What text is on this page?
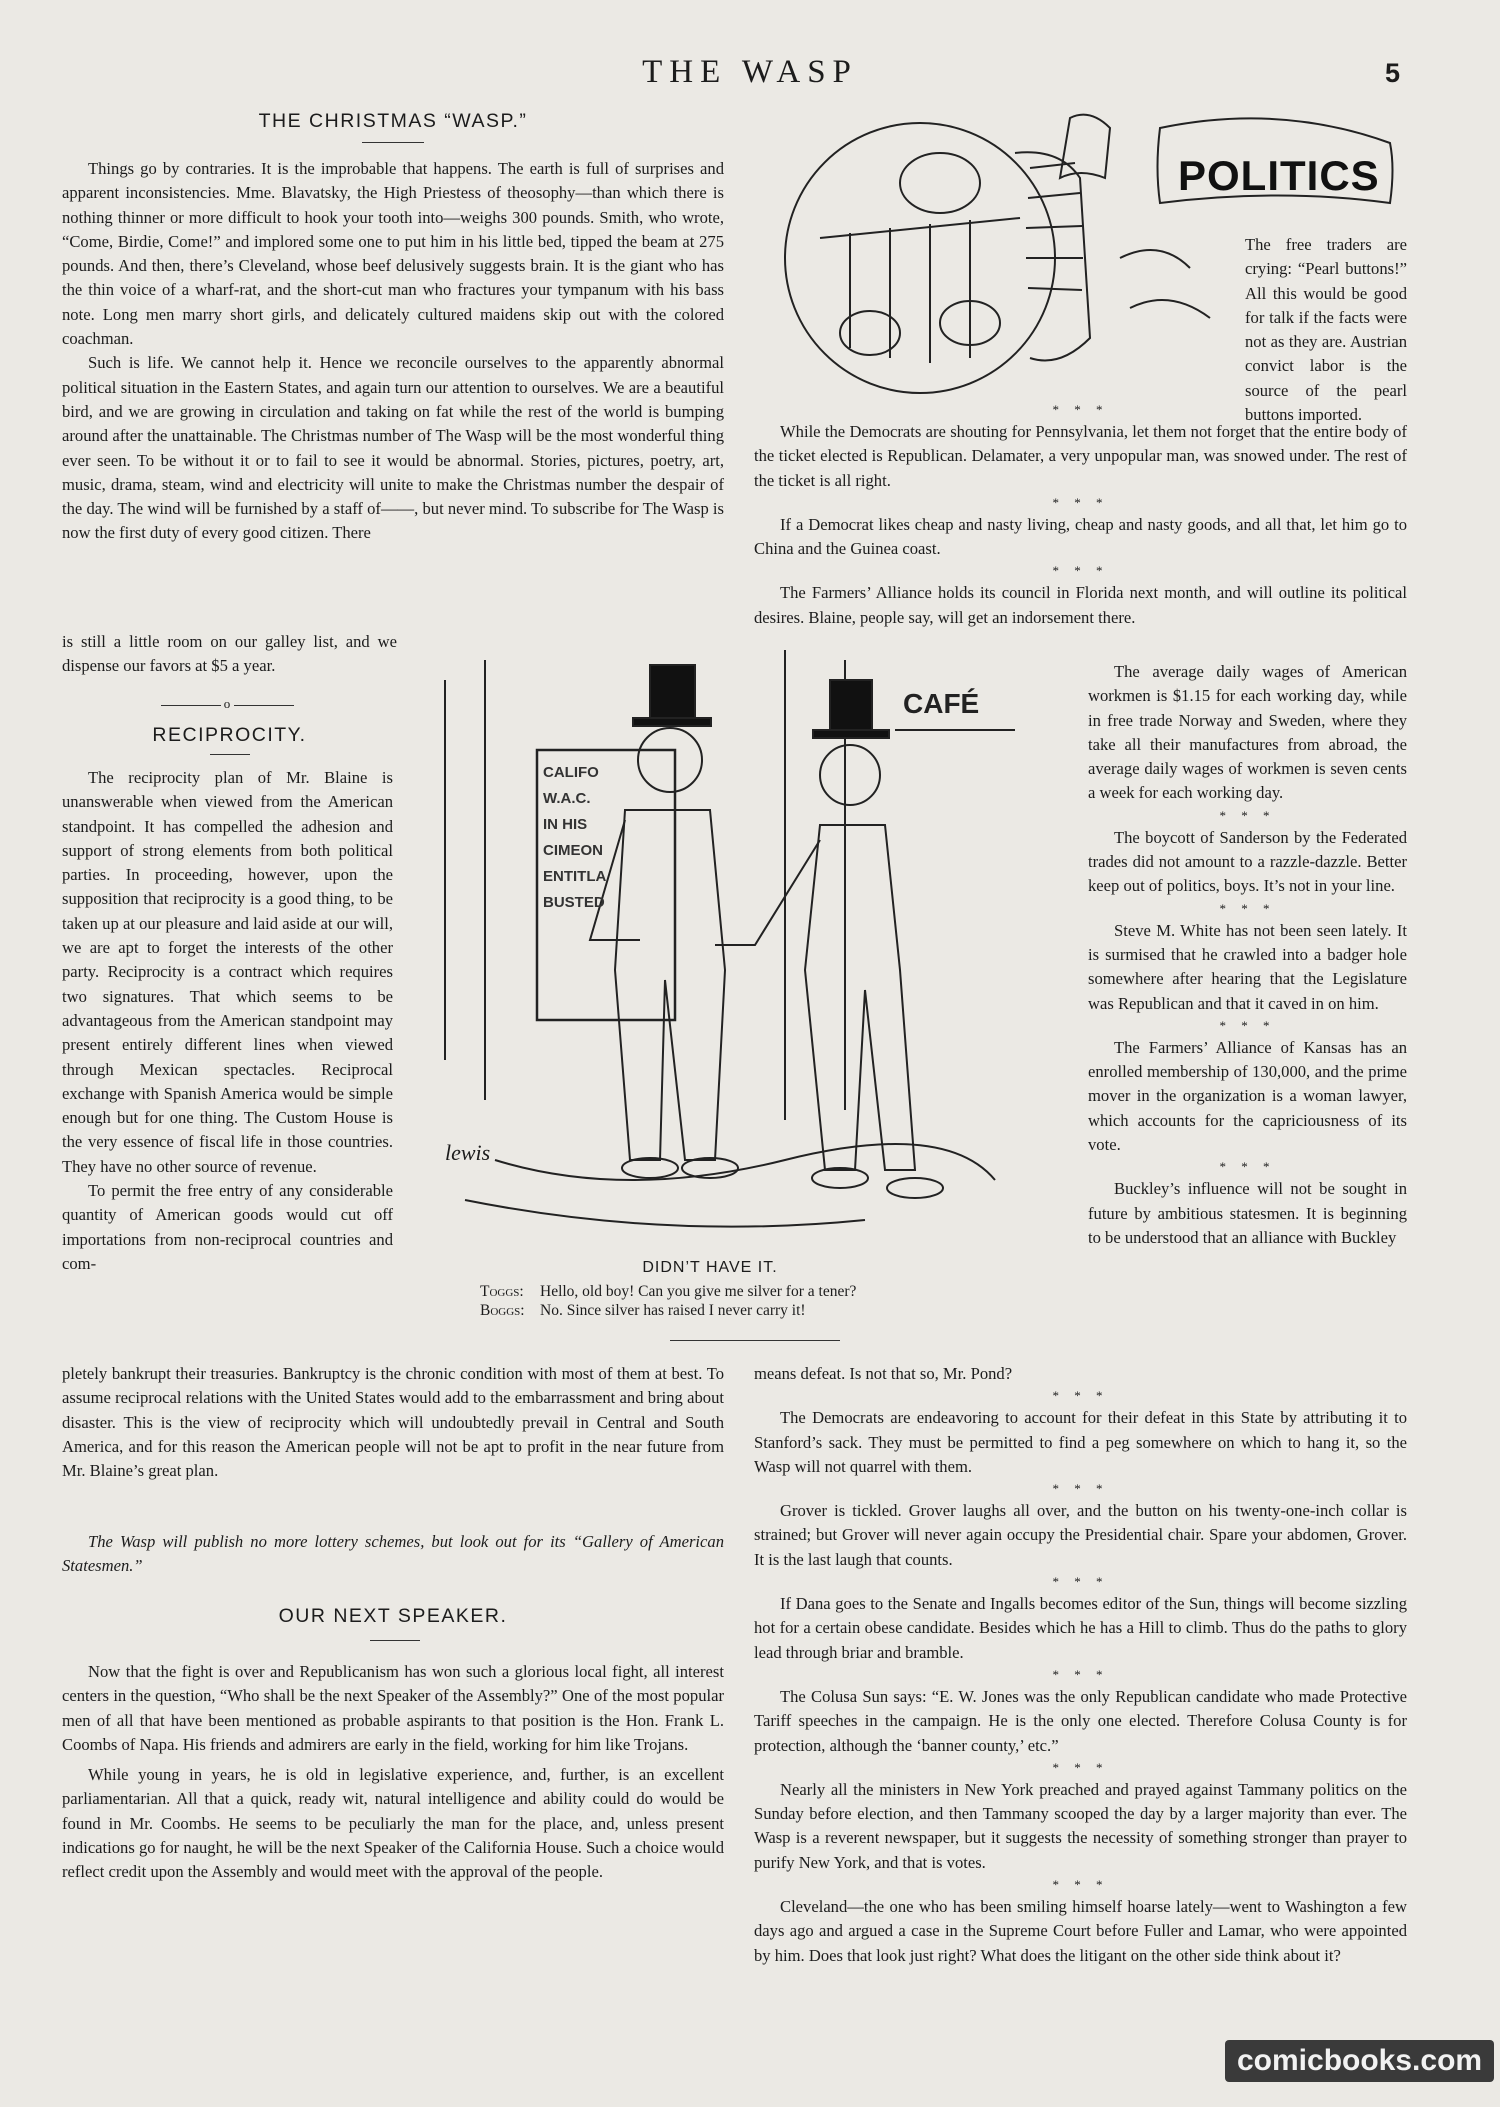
THE WASP	5
THE CHRISTMAS “WASP.”

Things go by contraries. It is the improbable that happens. The earth is full of surprises and apparent inconsistencies. Mme. Blavatsky, the High Priestess of theosophy—than which there is nothing thinner or more difficult to hook your tooth into—weighs 300 pounds. Smith, who wrote, “Come, Birdie, Come!” and implored some one to put him in his little bed, tipped the beam at 275 pounds. And then, there’s Cleveland, whose beef delusively suggests brain. It is the giant who has the thin voice of a wharf-rat, and the short-cut man who fractures your tympanum with his bass note. Long men marry short girls, and delicately cultured maidens skip out with the colored coachman.

Such is life. We cannot help it. Hence we reconcile ourselves to the apparently abnormal political situation in the Eastern States, and again turn our attention to ourselves. We are a beautiful bird, and we are growing in circulation and taking on fat while the rest of the world is bumping around after the unattainable. The Christmas number of The Wasp will be the most wonderful thing ever seen. To be without it or to fail to see it would be abnormal. Stories, pictures, poetry, art, music, drama, steam, wind and electricity will unite to make the Christmas number the despair of the day. The wind will be furnished by a staff of——, but never mind. To subscribe for The Wasp is now the first duty of every good citizen. There

is still a little room on our galley list, and we dispense our favors at $5 a year.

o
RECIPROCITY.

The reciprocity plan of Mr. Blaine is unanswerable when viewed from the American standpoint. It has compelled the adhesion and support of strong elements from both political parties. In proceeding, however, upon the supposition that reciprocity is a good thing, to be taken up at our pleasure and laid aside at our will, we are apt to forget the interests of the other party. Reciprocity is a contract which requires two signatures. That which seems to be advantageous from the American standpoint may present entirely different lines when viewed through Mexican spectacles. Reciprocal exchange with Spanish America would be simple enough but for one thing. The Custom House is the very essence of fiscal life in those countries. They have no other source of revenue.

To permit the free entry of any considerable quantity of American goods would cut off importations from non-reciprocal countries and com-

pletely bankrupt their treasuries. Bankruptcy is the chronic condition with most of them at best. To assume reciprocal relations with the United States would add to the embarrassment and bring about disaster. This is the view of reciprocity which will undoubtedly prevail in Central and South America, and for this reason the American people will not be apt to profit in the near future from Mr. Blaine’s great plan.

The Wasp will publish no more lottery schemes, but look out for its “Gallery of American Statesmen.”

OUR NEXT SPEAKER.

Now that the fight is over and Republicanism has won such a glorious local fight, all interest centers in the question, “Who shall be the next Speaker of the Assembly?” One of the most popular men of all that have been mentioned as probable aspirants to that position is the Hon. Frank L. Coombs of Napa. His friends and admirers are early in the field, working for him like Trojans.

While young in years, he is old in legislative experience, and, further, is an excellent parliamentarian. All that a quick, ready wit, natural intelligence and ability could do would be found in Mr. Coombs. He seems to be peculiarly the man for the place, and, unless present indications go for naught, he will be the next Speaker of the California House. Such a choice would reflect credit upon the Assembly and would meet with the approval of the people.

CALIFO
W.A.C.
IN HIS
CIMEON
ENTITLA
BUSTED
CAFÉ
lewis
DIDN’T HAVE IT.
Toggs: Hello, old boy! Can you give me silver for a tener?
Boggs: No. Since silver has raised I never carry it!
POLITICS

The free traders are crying: “Pearl buttons!” All this would be good for talk if the facts were not as they are. Austrian convict labor is the source of the pearl buttons imported.

* * *

While the Democrats are shouting for Pennsylvania, let them not forget that the entire body of the ticket elected is Republican. Delamater, a very unpopular man, was snowed under. The rest of the ticket is all right.

* * *

If a Democrat likes cheap and nasty living, cheap and nasty goods, and all that, let him go to China and the Guinea coast.

* * *

The Farmers’ Alliance holds its council in Florida next month, and will outline its political desires. Blaine, people say, will get an indorsement there.

The average daily wages of American workmen is $1.15 for each working day, while in free trade Norway and Sweden, where they take all their manufactures from abroad, the average daily wages of workmen is seven cents a week for each working day.

* * *

The boycott of Sanderson by the Federated trades did not amount to a razzle-dazzle. Better keep out of politics, boys. It’s not in your line.

* * *

Steve M. White has not been seen lately. It is surmised that he crawled into a badger hole somewhere after hearing that the Legislature was Republican and that it caved in on him.

* * *

The Farmers’ Alliance of Kansas has an enrolled membership of 130,000, and the prime mover in the organization is a woman lawyer, which accounts for the capriciousness of its vote.

* * *

Buckley’s influence will not be sought in future by ambitious statesmen. It is beginning to be understood that an alliance with Buckley

means defeat. Is not that so, Mr. Pond?

* * *

The Democrats are endeavoring to account for their defeat in this State by attributing it to Stanford’s sack. They must be permitted to find a peg somewhere on which to hang it, so the Wasp will not quarrel with them.

* * *

Grover is tickled. Grover laughs all over, and the button on his twenty-one-inch collar is strained; but Grover will never again occupy the Presidential chair. Spare your abdomen, Grover. It is the last laugh that counts.

* * *

If Dana goes to the Senate and Ingalls becomes editor of the Sun, things will become sizzling hot for a certain obese candidate. Besides which he has a Hill to climb. Thus do the paths to glory lead through briar and bramble.

* * *

The Colusa Sun says: “E. W. Jones was the only Republican candidate who made Protective Tariff speeches in the campaign. He is the only one elected. Therefore Colusa County is for protection, although the ‘banner county,’ etc.”

* * *

Nearly all the ministers in New York preached and prayed against Tammany politics on the Sunday before election, and then Tammany scooped the day by a larger majority than ever. The Wasp is a reverent newspaper, but it suggests the necessity of something stronger than prayer to purify New York, and that is votes.

* * *

Cleveland—the one who has been smiling himself hoarse lately—went to Washington a few days ago and argued a case in the Supreme Court before Fuller and Lamar, who were appointed by him. Does that look just right? What does the litigant on the other side think about it?

comicbooks.com
